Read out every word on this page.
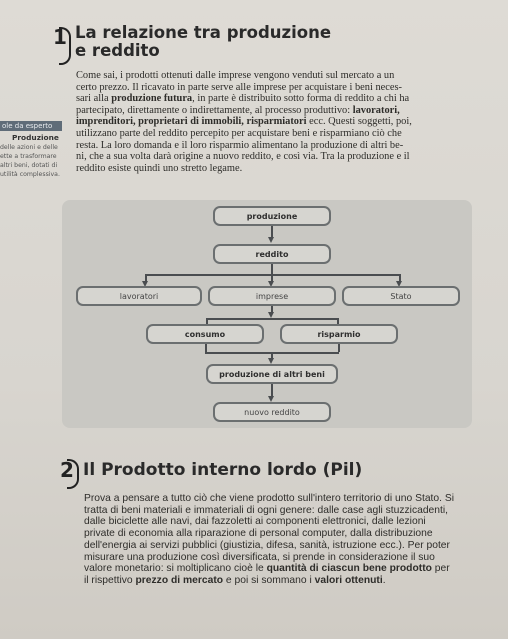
1 La relazione tra produzione
e reddito

Come sai, i prodotti ottenuti dalle imprese vengono venduti sul mercato a un

certo prezzo. Il ricavato in parte serve alle imprese per acquistare i beni neces-

sari alla produzione futura, in parte è distribuito sotto forma di reddito a chi ha

partecipato, direttamente o indirettamente, al processo produttivo: lavoratori,

imprenditori, proprietari di immobili, risparmiatori ecc. Questi soggetti, poi,

utilizzano parte del reddito percepito per acquistare beni e risparmiano ciò che

resta. La loro domanda e il loro risparmio alimentano la produzione di altri be-

ni, che a sua volta darà origine a nuovo reddito, e così via. Tra la produzione e il

reddito esiste quindi uno stretto legame.

ole da esperto
Produzione
delle azioni e delle
ette a trasformare
altri beni, dotati di
utilità complessiva.
produzione
reddito
lavoratori	imprese	Stato
consumo	risparmio
produzione di altri beni
nuovo reddito
2 Il Prodotto interno lordo (Pil)

Prova a pensare a tutto ciò che viene prodotto sull'intero territorio di uno Stato. Si

tratta di beni materiali e immateriali di ogni genere: dalle case agli stuzzicadenti,

dalle biciclette alle navi, dai fazzoletti ai componenti elettronici, dalle lezioni

private di economia alla riparazione di personal computer, dalla distribuzione

dell'energia ai servizi pubblici (giustizia, difesa, sanità, istruzione ecc.). Per poter

misurare una produzione così diversificata, si prende in considerazione il suo

valore monetario: si moltiplicano cioè le quantità di ciascun bene prodotto per

il rispettivo prezzo di mercato e poi si sommano i valori ottenuti.
